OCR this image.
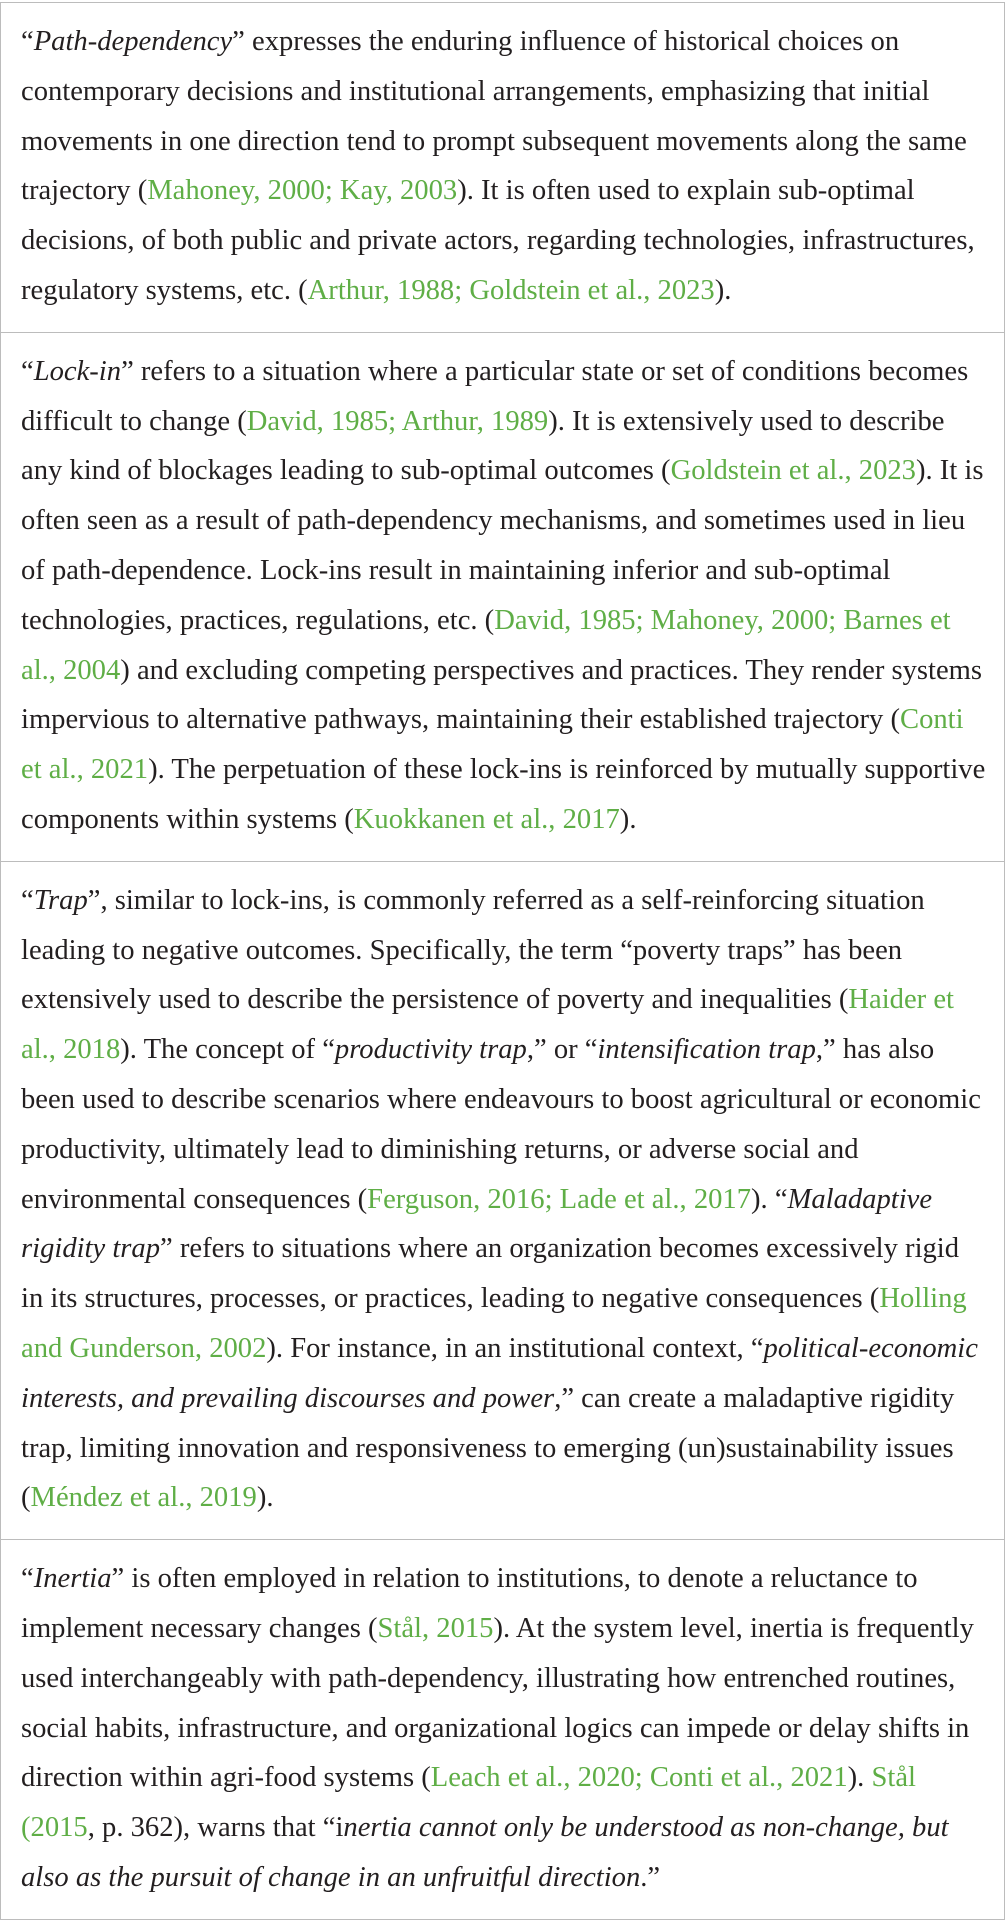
“Path-dependency” expresses the enduring influence of historical choices on contemporary decisions and institutional arrangements, emphasizing that initial movements in one direction tend to prompt subsequent movements along the same trajectory (Mahoney, 2000; Kay, 2003). It is often used to explain sub-optimal decisions, of both public and private actors, regarding technologies, infrastructures, regulatory systems, etc. (Arthur, 1988; Goldstein et al., 2023).
“Lock-in” refers to a situation where a particular state or set of conditions becomes difficult to change (David, 1985; Arthur, 1989). It is extensively used to describe any kind of blockages leading to sub-optimal outcomes (Goldstein et al., 2023). It is often seen as a result of path-dependency mechanisms, and sometimes used in lieu of path-dependence. Lock-ins result in maintaining inferior and sub-optimal technologies, practices, regulations, etc. (David, 1985; Mahoney, 2000; Barnes et al., 2004) and excluding competing perspectives and practices. They render systems impervious to alternative pathways, maintaining their established trajectory (Conti et al., 2021). The perpetuation of these lock-ins is reinforced by mutually supportive components within systems (Kuokkanen et al., 2017).
“Trap”, similar to lock-ins, is commonly referred as a self-reinforcing situation leading to negative outcomes. Specifically, the term “poverty traps” has been extensively used to describe the persistence of poverty and inequalities (Haider et al., 2018). The concept of “productivity trap,” or “intensification trap,” has also been used to describe scenarios where endeavours to boost agricultural or economic productivity, ultimately lead to diminishing returns, or adverse social and environmental consequences (Ferguson, 2016; Lade et al., 2017). “Maladaptive rigidity trap” refers to situations where an organization becomes excessively rigid in its structures, processes, or practices, leading to negative consequences (Holling and Gunderson, 2002). For instance, in an institutional context, “political-economic interests, and prevailing discourses and power,” can create a maladaptive rigidity trap, limiting innovation and responsiveness to emerging (un)sustainability issues (Méndez et al., 2019).
“Inertia” is often employed in relation to institutions, to denote a reluctance to implement necessary changes (Stål, 2015). At the system level, inertia is frequently used interchangeably with path-dependency, illustrating how entrenched routines, social habits, infrastructure, and organizational logics can impede or delay shifts in direction within agri-food systems (Leach et al., 2020; Conti et al., 2021). Stål (2015, p. 362), warns that “inertia cannot only be understood as non-change, but also as the pursuit of change in an unfruitful direction.”
